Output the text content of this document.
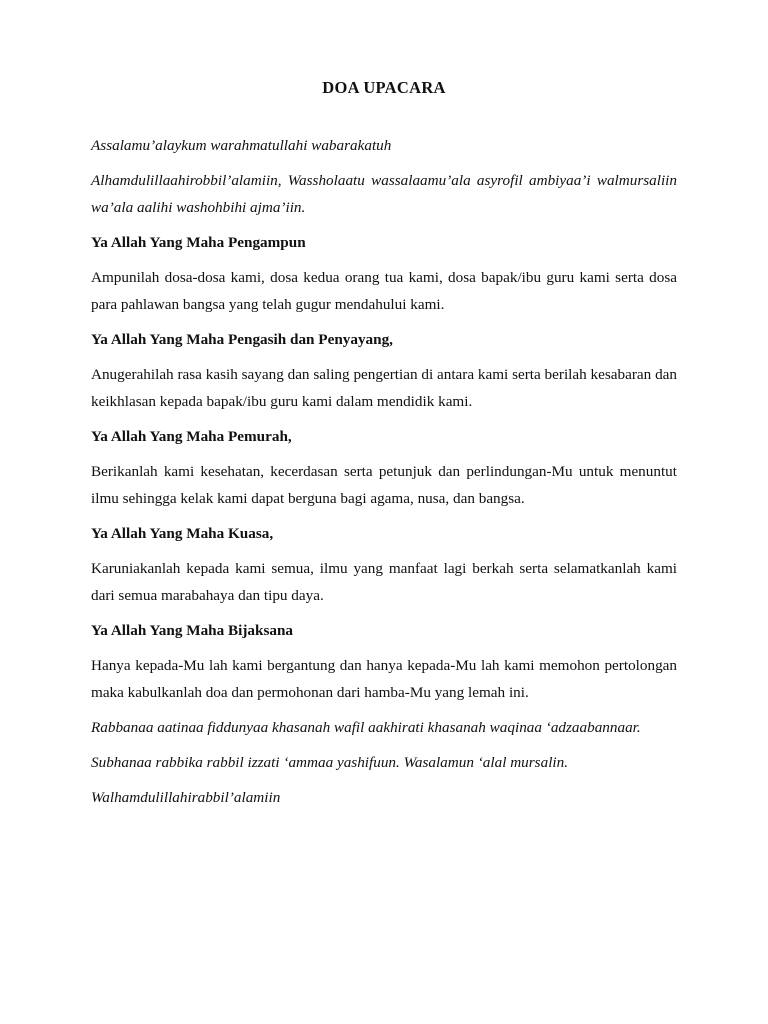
DOA UPACARA

Assalamu’alaykum warahmatullahi wabarakatuh

Alhamdulillaahirobbil’alamiin, Wassholaatu wassalaamu’ala asyrofil ambiyaa’i walmursaliin wa’ala aalihi washohbihi ajma’iin.

Ya Allah Yang Maha Pengampun

Ampunilah dosa-dosa kami, dosa kedua orang tua kami, dosa bapak/ibu guru kami serta dosa para pahlawan bangsa yang telah gugur mendahului kami.

Ya Allah Yang Maha Pengasih dan Penyayang,

Anugerahilah rasa kasih sayang dan saling pengertian di antara kami serta berilah kesabaran dan keikhlasan kepada bapak/ibu guru kami dalam mendidik kami.

Ya Allah Yang Maha Pemurah,

Berikanlah kami kesehatan, kecerdasan serta petunjuk dan perlindungan-Mu untuk menuntut ilmu sehingga kelak kami dapat berguna bagi agama, nusa, dan bangsa.

Ya Allah Yang Maha Kuasa,

Karuniakanlah kepada kami semua, ilmu yang manfaat lagi berkah serta selamatkanlah kami dari semua marabahaya dan tipu daya.

Ya Allah Yang Maha Bijaksana

Hanya kepada-Mu lah kami bergantung dan hanya kepada-Mu lah kami memohon pertolongan maka kabulkanlah doa dan permohonan dari hamba-Mu yang lemah ini.

Rabbanaa aatinaa fiddunyaa khasanah wafil aakhirati khasanah waqinaa ‘adzaabannaar.

Subhanaa rabbika rabbil izzati ‘ammaa yashifuun. Wasalamun ‘alal mursalin.

Walhamdulillahirabbil’alamiin
